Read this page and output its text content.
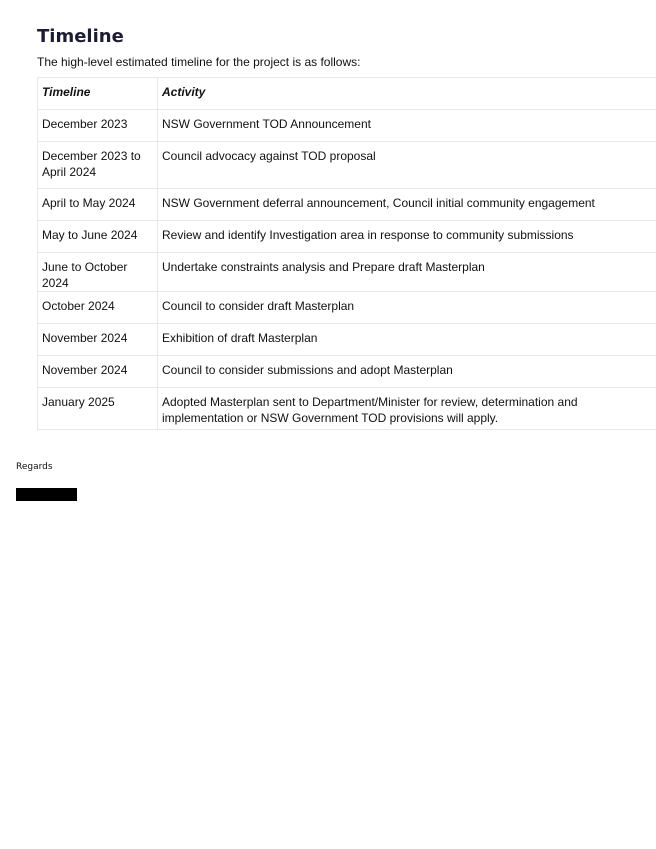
Timeline
The high-level estimated timeline for the project is as follows:
Timeline	Activity
December 2023	NSW Government TOD Announcement
December 2023 to April 2024	Council advocacy against TOD proposal
April to May 2024	NSW Government deferral announcement, Council initial community engagement
May to June 2024	Review and identify Investigation area in response to community submissions
June to October 2024	Undertake constraints analysis and Prepare draft Masterplan
October 2024	Council to consider draft Masterplan
November 2024	Exhibition of draft Masterplan
November 2024	Council to consider submissions and adopt Masterplan
January 2025	Adopted Masterplan sent to Department/Minister for review, determination and implementation or NSW Government TOD provisions will apply.
Regards
